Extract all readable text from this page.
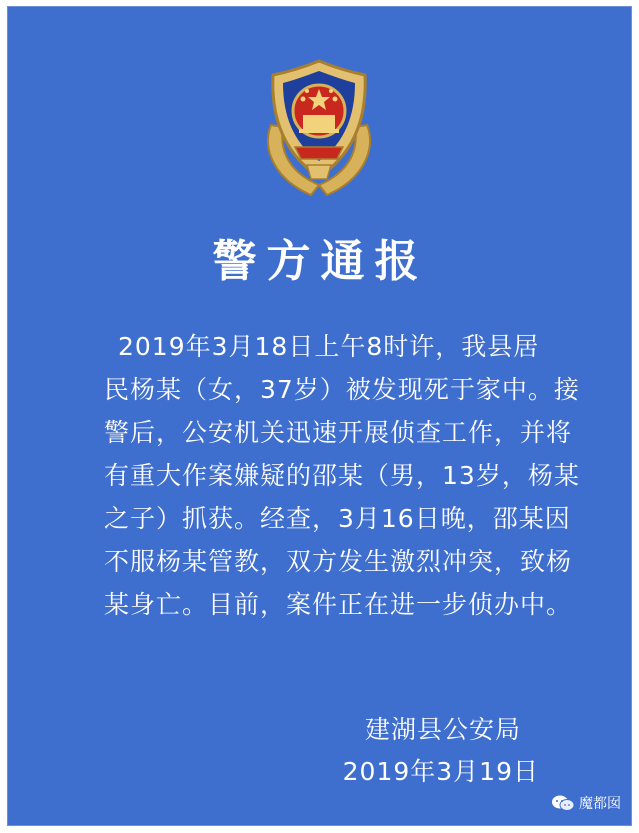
警方通报
2019年3月18日上午8时许，我县居
民杨某（女，37岁）被发现死于家中。接
警后，公安机关迅速开展侦查工作，并将
有重大作案嫌疑的邵某（男，13岁，杨某
之子）抓获。经查，3月16日晚，邵某因
不服杨某管教，双方发生激烈冲突，致杨
某身亡。目前，案件正在进一步侦办中。
建湖县公安局
2019年3月19日
魔都囡
